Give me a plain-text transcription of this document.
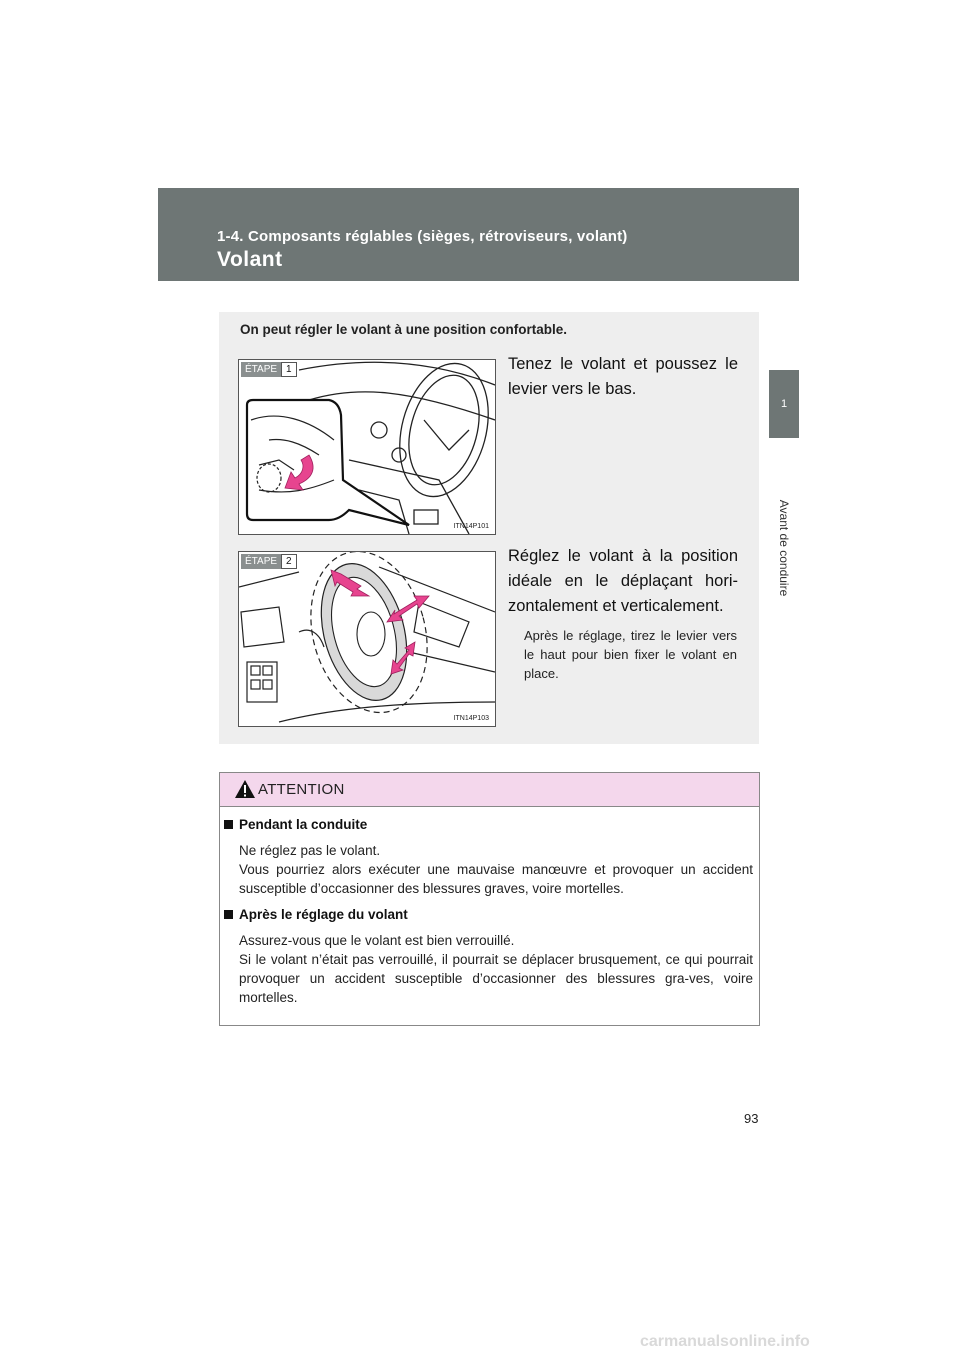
1-4. Composants réglables (sièges, rétroviseurs, volant)
Volant
1
Avant de conduire
On peut régler le volant à une position confortable.
ÉTAPE 1
ITN14P101
Tenez le volant et poussez le levier vers le bas.
ÉTAPE 2
ITN14P103
Réglez le volant à la position idéale en le déplaçant hori-zontalement et verticalement.
Après le réglage, tirez le levier vers le haut pour bien fixer le volant en place.
ATTENTION
Pendant la conduite
Ne réglez pas le volant.
Vous pourriez alors exécuter une mauvaise manœuvre et provoquer un accident susceptible d’occasionner des blessures graves, voire mortelles.
Après le réglage du volant
Assurez-vous que le volant est bien verrouillé.
Si le volant n’était pas verrouillé, il pourrait se déplacer brusquement, ce qui pourrait provoquer un accident susceptible d’occasionner des blessures gra-ves, voire mortelles.
93
carmanualsonline.info
